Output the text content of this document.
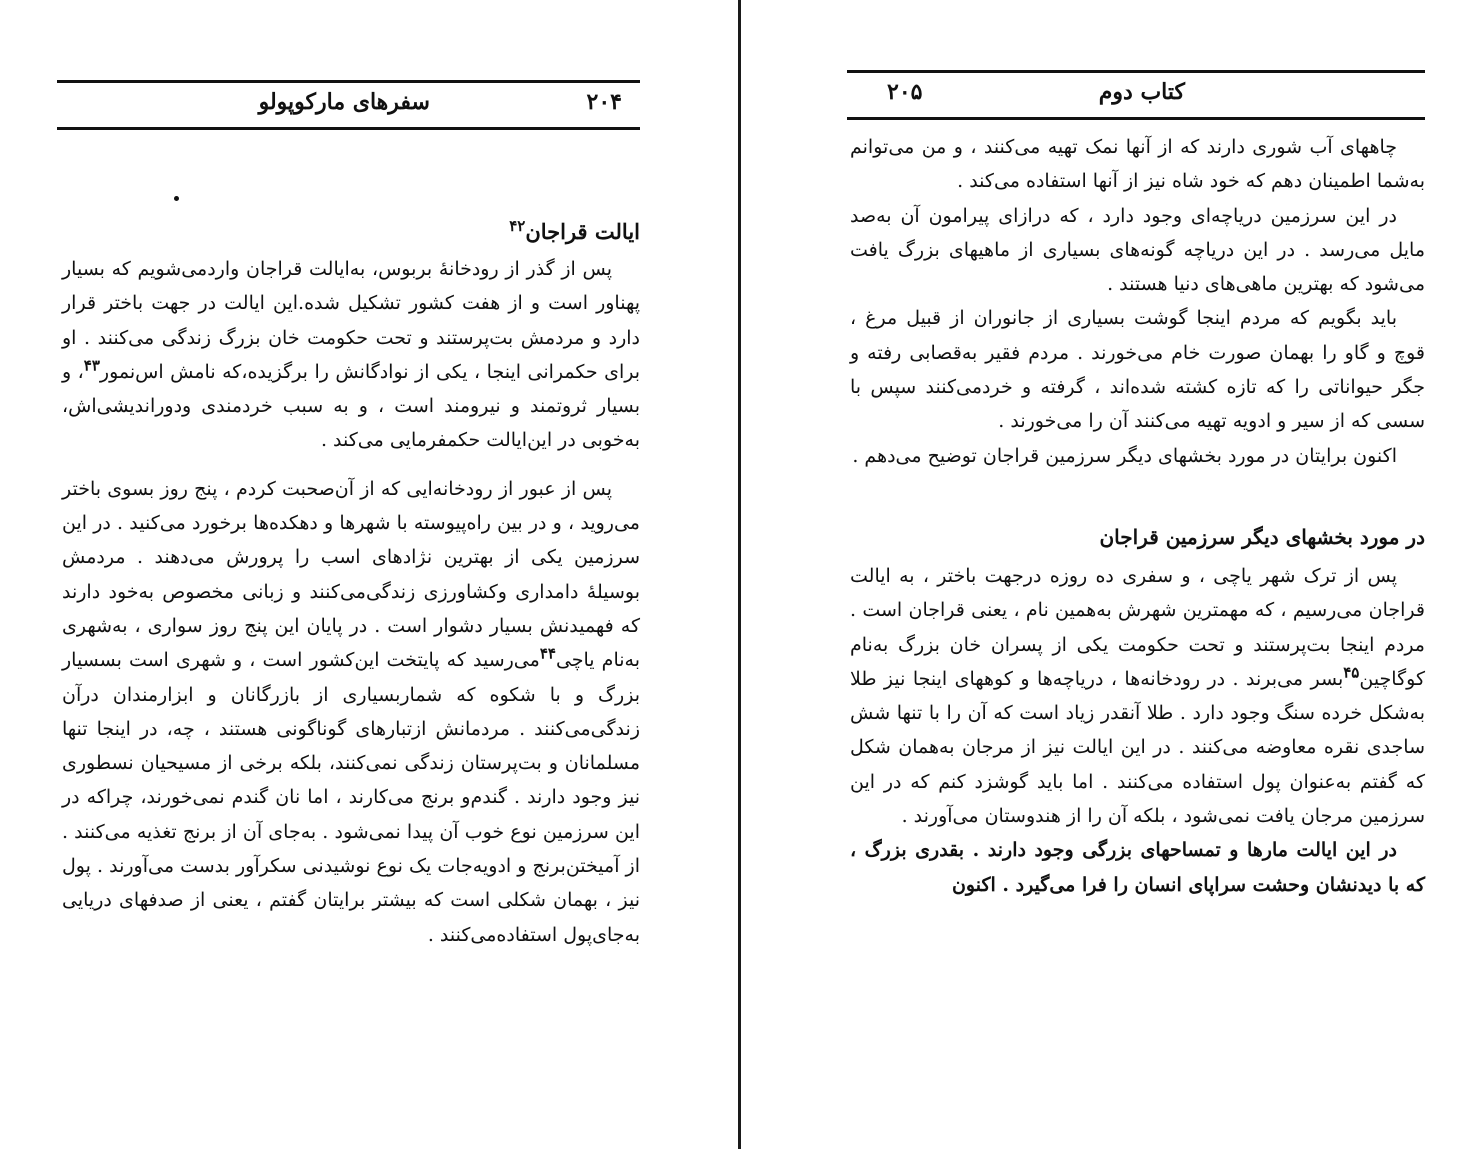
۲۰۴
سفرهای مارکوپولو
ایالت قراجان$^{۴۲}$

پس از گذر از رودخانهٔ بربوس، به‌ایالت قراجان واردمی‌شویم که بسیار پهناور است و از هفت کشور تشکیل شده.این ایالت در جهت باختر قرار دارد و مردمش بت‌پرستند و تحت حکومت خان بزرگ زندگی می‌کنند . او برای حکمرانی اینجا ، یکی از نوادگانش را برگزیده،که نامش اس‌نمور$^{۴۳}$، و بسیار ثروتمند و نیرومند است ، و به سبب خردمندی ودوراندیشی‌اش، به‌خوبی در این‌ایالت حکمفرمایی می‌کند .

پس از عبور از رودخانه‌ایی که از آن‌صحبت کردم ، پنج روز بسوی باختر می‌روید ، و در بین راه‌پیوسته با شهرها و دهکده‌ها برخورد می‌کنید . در این سرزمین یکی از بهترین نژادهای اسب را پرورش می‌دهند . مردمش بوسیلهٔ دامداری وکشاورزی زندگی‌می‌کنند و زبانی مخصوص به‌خود دارند که فهمیدنش بسیار دشوار است . در پایان این پنج روز سواری ، به‌شهری به‌نام یاچی$^{۴۴}$می‌رسید که پایتخت این‌کشور است ، و شهری است بسسیار بزرگ و با شکوه که شماربسیاری از بازرگانان و ابزارمندان درآن زندگی‌می‌کنند . مردمانش ازتبارهای گوناگونی هستند ، چه، در اینجا تنها مسلمانان و بت‌پرستان زندگی نمی‌کنند، بلکه برخی از مسیحیان نسطوری نیز وجود دارند . گندم‌و برنج می‌کارند ، اما نان گندم نمی‌خورند، چراکه در این سرزمین نوع خوب آن پیدا نمی‌شود . به‌جای آن از برنج تغذیه می‌کنند . از آمیختن‌برنج و ادویه‌جات یک نوع نوشیدنی سکرآور بدست می‌آورند . پول نیز ، بهمان شکلی است که بیشتر برایتان گفتم ، یعنی از صدفهای دریایی به‌جای‌پول استفاده‌می‌کنند .

کتاب دوم
۲۰۵

چاهها‌ی آب شوری دارند که از آنها نمک تهیه می‌کنند ، و من می‌توانم به‌شما اطمینان دهم که خود شاه نیز از آنها استفاده می‌کند .

در این سرزمین دریاچه‌ای وجود دارد ، که درازای پیرامون آن به‌صد مایل می‌رسد . در این دریاچه گونه‌های بسیاری از ماهیهای بزرگ یافت می‌شود که بهترین ماهی‌های دنیا هستند .

باید بگویم که مردم اینجا گوشت بسیاری از جانوران از قبیل مرغ ، قوچ و گاو را بهمان صورت خام می‌خورند . مردم فقیر به‌قصابی رفته و جگر حیواناتی را که تازه کشته شده‌اند ، گرفته و خردمی‌کنند سپس با سسی که از سیر و ادویه تهیه می‌کنند آن را می‌خورند .

اکنون برایتان در مورد بخشهای دیگر سرزمین قراجان توضیح می‌دهم .

در مورد بخشهای دیگر سرزمین قراجان

پس از ترک شهر یاچی ، و سفری ده روزه درجهت باختر ، به ایالت قراجان می‌رسیم ، که مهمترین شهرش به‌همین نام ، یعنی قراجان است . مردم اینجا بت‌پرستند و تحت حکومت یکی از پسران خان بزرگ به‌نام کوگاچین$^{۴۵}$بسر می‌برند . در رودخانه‌ها ، دریاچه‌ها و کوههای اینجا نیز طلا به‌شکل خرده سنگ وجود دارد . طلا آنقدر زیاد است که آن را با تنها شش ساجدی نقره معاوضه می‌کنند . در این ایالت نیز از مرجان به‌همان شکل که گفتم به‌عنوان پول استفاده می‌کنند . اما باید گوشزد کنم که در این سرزمین مرجان یافت نمی‌شود ، بلکه آن را از هندوستان می‌آورند .

در این ایالت مارها و تمساحهای بزرگی وجود دارند . بقدری بزرگ ، که با دیدنشان وحشت سراپای انسان را فرا می‌گیرد . اکنون
